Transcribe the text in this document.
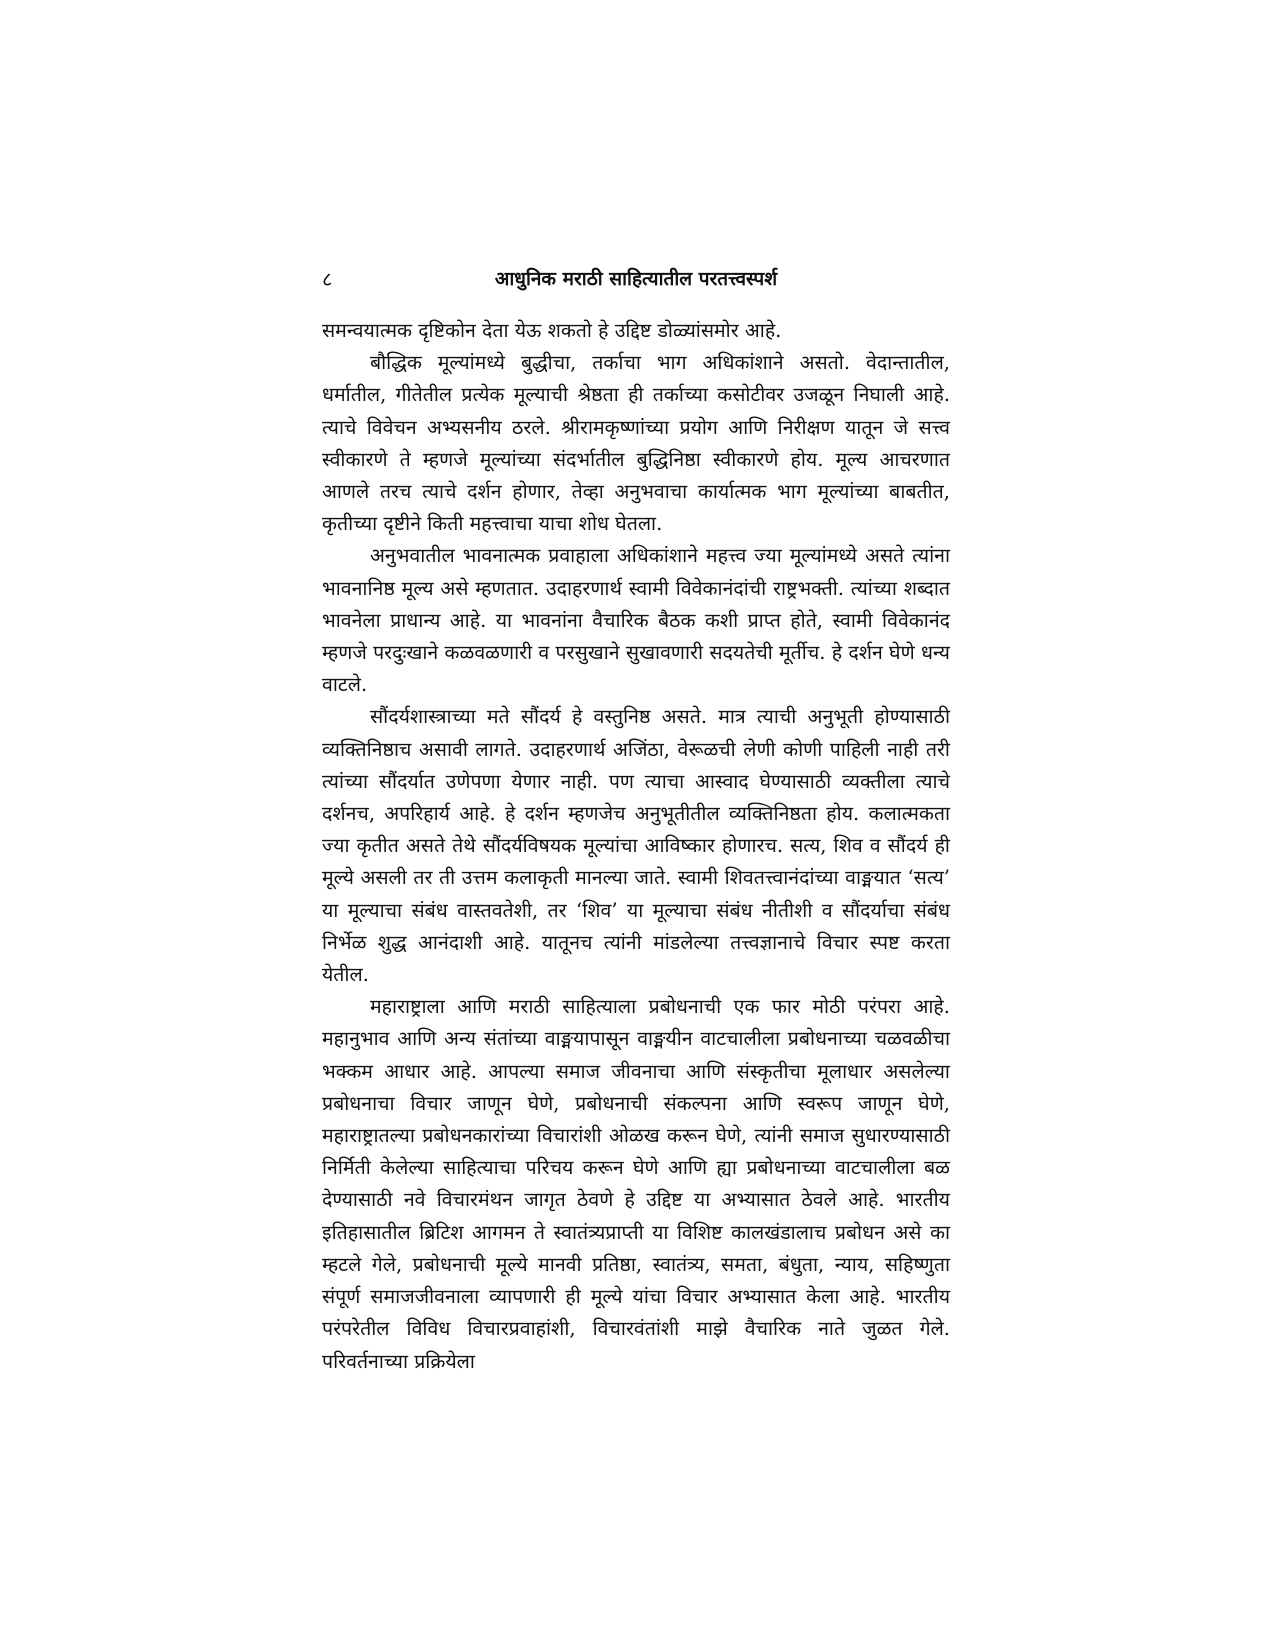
८	आधुनिक मराठी साहित्यातील परतत्त्वस्पर्श

समन्वयात्मक दृष्टिकोन देता येऊ शकतो हे उद्दिष्ट डोळ्यांसमोर आहे.

बौद्धिक मूल्यांमध्ये बुद्धीचा, तर्काचा भाग अधिकांशाने असतो. वेदान्तातील, धर्मातील, गीतेतील प्रत्येक मूल्याची श्रेष्ठता ही तर्काच्या कसोटीवर उजळून निघाली आहे. त्याचे विवेचन अभ्यसनीय ठरले. श्रीरामकृष्णांच्या प्रयोग आणि निरीक्षण यातून जे सत्त्व स्वीकारणे ते म्हणजे मूल्यांच्या संदर्भातील बुद्धिनिष्ठा स्वीकारणे होय. मूल्य आचरणात आणले तरच त्याचे दर्शन होणार, तेव्हा अनुभवाचा कार्यात्मक भाग मूल्यांच्या बाबतीत, कृतीच्या दृष्टीने किती महत्त्वाचा याचा शोध घेतला.

अनुभवातील भावनात्मक प्रवाहाला अधिकांशाने महत्त्व ज्या मूल्यांमध्ये असते त्यांना भावनानिष्ठ मूल्य असे म्हणतात. उदाहरणार्थ स्वामी विवेकानंदांची राष्ट्रभक्ती. त्यांच्या शब्दात भावनेला प्राधान्य आहे. या भावनांना वैचारिक बैठक कशी प्राप्त होते, स्वामी विवेकानंद म्हणजे परदुःखाने कळवळणारी व परसुखाने सुखावणारी सदयतेची मूर्तीच. हे दर्शन घेणे धन्य वाटले.

सौंदर्यशास्त्राच्या मते सौंदर्य हे वस्तुनिष्ठ असते. मात्र त्याची अनुभूती होण्यासाठी व्यक्तिनिष्ठाच असावी लागते. उदाहरणार्थ अजिंठा, वेरूळची लेणी कोणी पाहिली नाही तरी त्यांच्या सौंदर्यात उणेपणा येणार नाही. पण त्याचा आस्वाद घेण्यासाठी व्यक्तीला त्याचे दर्शनच, अपरिहार्य आहे. हे दर्शन म्हणजेच अनुभूतीतील व्यक्तिनिष्ठता होय. कलात्मकता ज्या कृतीत असते तेथे सौंदर्यविषयक मूल्यांचा आविष्कार होणारच. सत्य, शिव व सौंदर्य ही मूल्ये असली तर ती उत्तम कलाकृती मानल्या जाते. स्वामी शिवतत्त्वानंदांच्या वाङ्मयात ‘सत्य’ या मूल्याचा संबंध वास्तवतेशी, तर ‘शिव’ या मूल्याचा संबंध नीतीशी व सौंदर्याचा संबंध निर्भेळ शुद्ध आनंदाशी आहे. यातूनच त्यांनी मांडलेल्या तत्त्वज्ञानाचे विचार स्पष्ट करता येतील.

महाराष्ट्राला आणि मराठी साहित्याला प्रबोधनाची एक फार मोठी परंपरा आहे. महानुभाव आणि अन्य संतांच्या वाङ्मयापासून वाङ्मयीन वाटचालीला प्रबोधनाच्या चळवळीचा भक्कम आधार आहे. आपल्या समाज जीवनाचा आणि संस्कृतीचा मूलाधार असलेल्या प्रबोधनाचा विचार जाणून घेणे, प्रबोधनाची संकल्पना आणि स्वरूप जाणून घेणे, महाराष्ट्रातल्या प्रबोधनकारांच्या विचारांशी ओळख करून घेणे, त्यांनी समाज सुधारण्यासाठी निर्मिती केलेल्या साहित्याचा परिचय करून घेणे आणि ह्या प्रबोधनाच्या वाटचालीला बळ देण्यासाठी नवे विचारमंथन जागृत ठेवणे हे उद्दिष्ट या अभ्यासात ठेवले आहे. भारतीय इतिहासातील ब्रिटिश आगमन ते स्वातंत्र्यप्राप्ती या विशिष्ट कालखंडालाच प्रबोधन असे का म्हटले गेले, प्रबोधनाची मूल्ये मानवी प्रतिष्ठा, स्वातंत्र्य, समता, बंधुता, न्याय, सहिष्णुता संपूर्ण समाजजीवनाला व्यापणारी ही मूल्ये यांचा विचार अभ्यासात केला आहे. भारतीय परंपरेतील विविध विचारप्रवाहांशी, विचारवंतांशी माझे वैचारिक नाते जुळत गेले. परिवर्तनाच्या प्रक्रियेला
